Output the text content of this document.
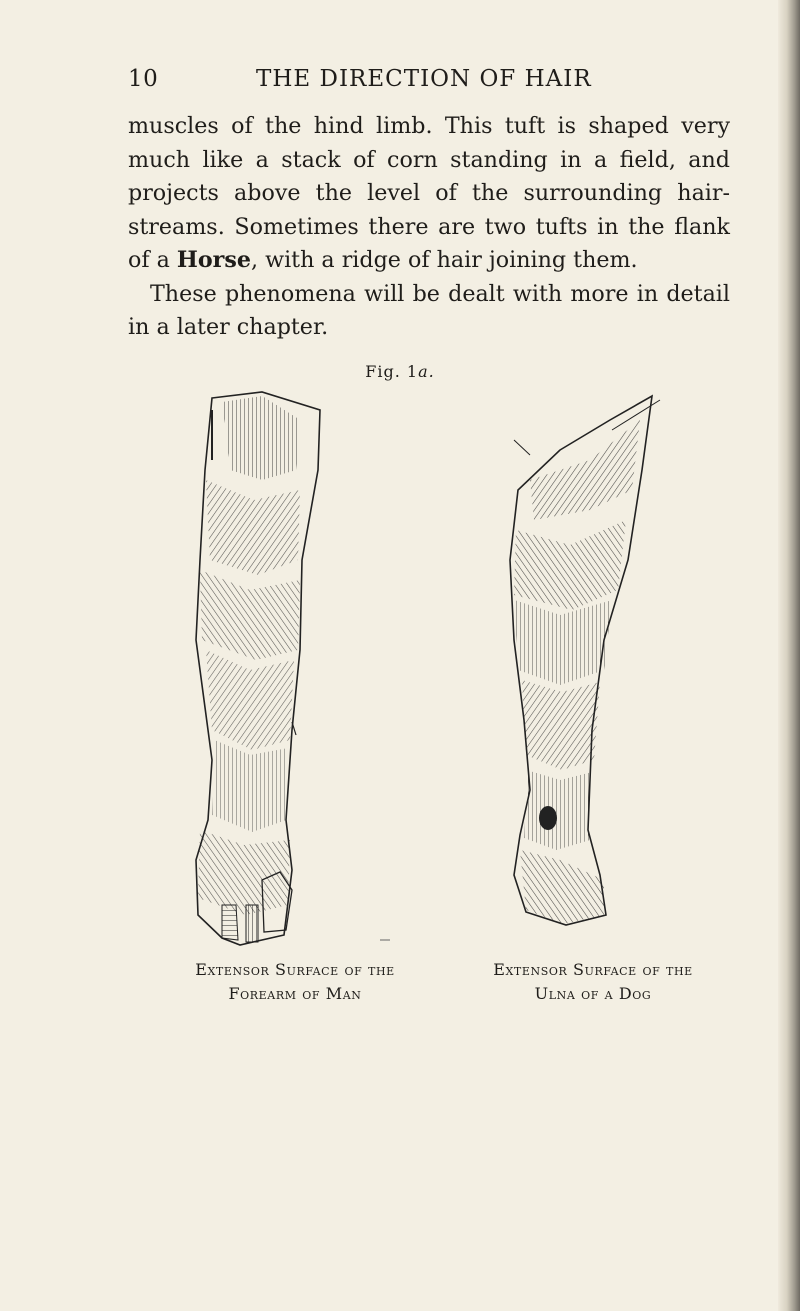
10	THE DIRECTION OF HAIR

muscles of the hind limb. This tuft is shaped very much like a stack of corn standing in a field, and projects above the level of the surrounding hair-streams. Sometimes there are two tufts in the flank of a Horse, with a ridge of hair joining them.

These phenomena will be dealt with more in detail in a later chapter.

Fig. 1a.
Extensor Surface of the
Forearm of Man
Extensor Surface of the
Ulna of a Dog
